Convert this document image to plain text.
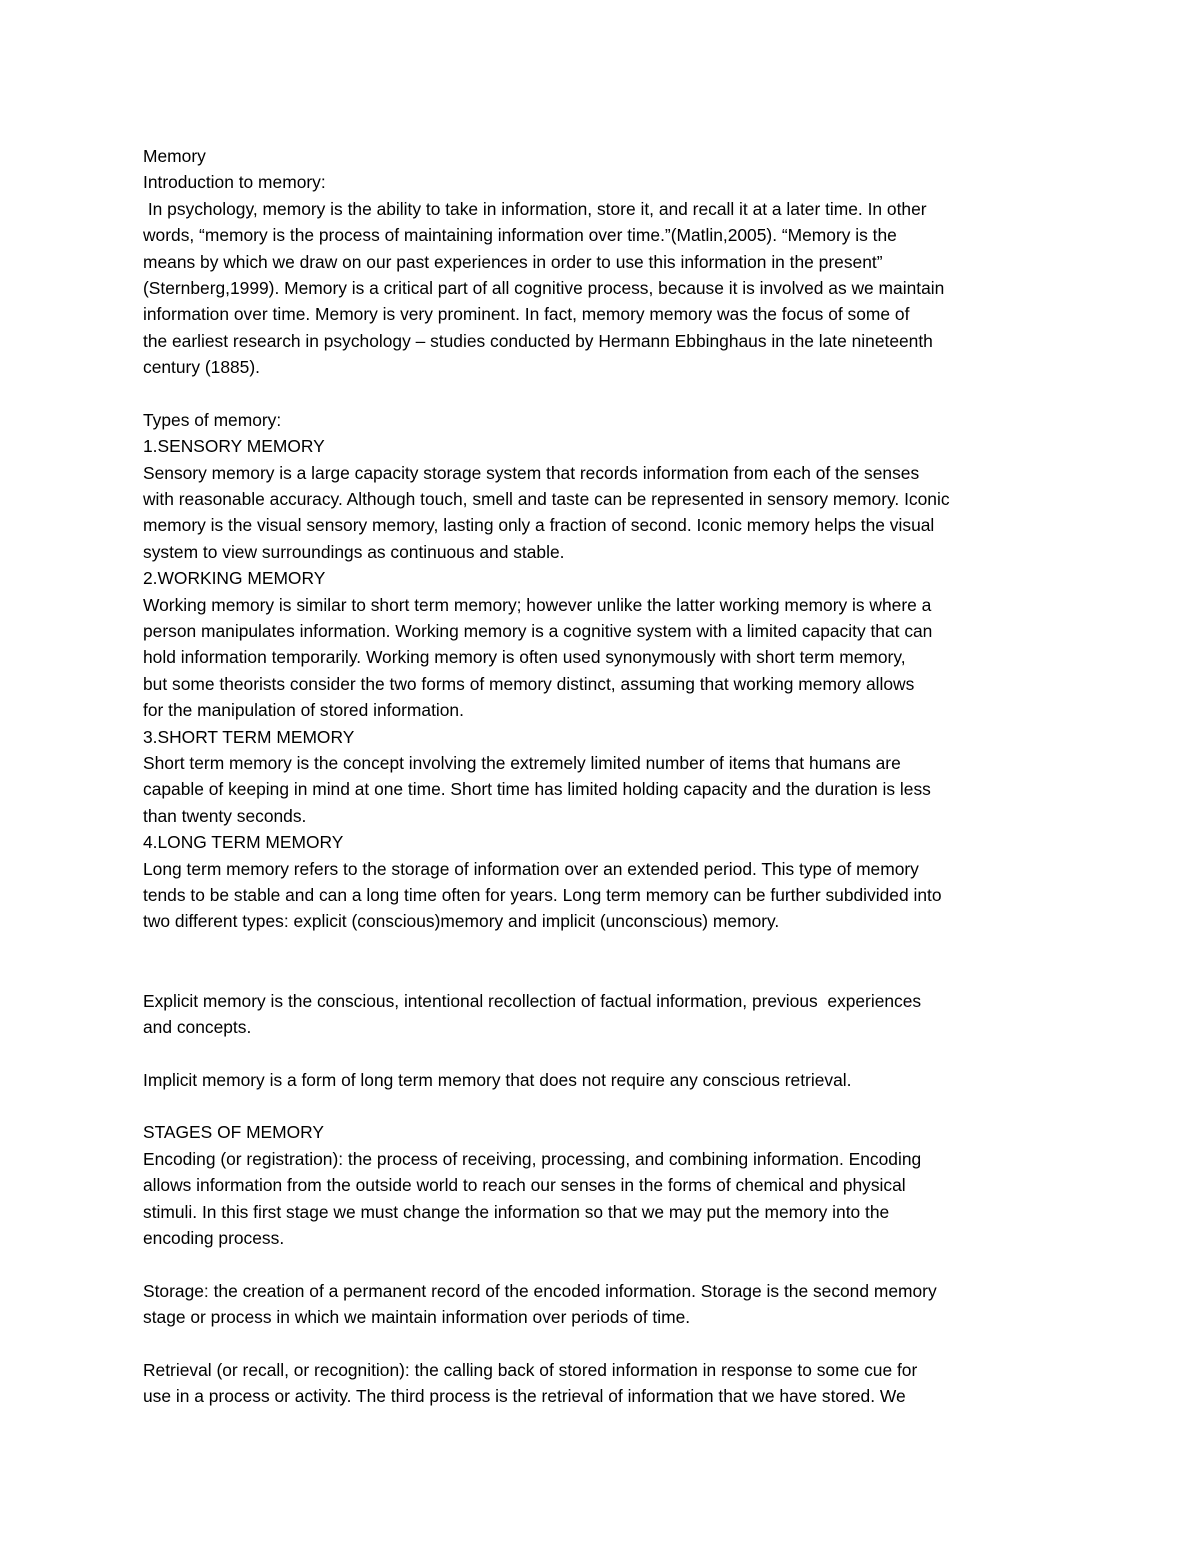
Memory
Introduction to memory:
In psychology, memory is the ability to take in information, store it, and recall it at a later time. In other
words, “memory is the process of maintaining information over time.”(Matlin,2005). “Memory is the
means by which we draw on our past experiences in order to use this information in the present”
(Sternberg,1999). Memory is a critical part of all cognitive process, because it is involved as we maintain
information over time. Memory is very prominent. In fact, memory memory was the focus of some of
the earliest research in psychology – studies conducted by Hermann Ebbinghaus in the late nineteenth
century (1885).
Types of memory:
1.SENSORY MEMORY
Sensory memory is a large capacity storage system that records information from each of the senses
with reasonable accuracy. Although touch, smell and taste can be represented in sensory memory. Iconic
memory is the visual sensory memory, lasting only a fraction of second. Iconic memory helps the visual
system to view surroundings as continuous and stable.
2.WORKING MEMORY
Working memory is similar to short term memory; however unlike the latter working memory is where a
person manipulates information. Working memory is a cognitive system with a limited capacity that can
hold information temporarily. Working memory is often used synonymously with short term memory,
but some theorists consider the two forms of memory distinct, assuming that working memory allows
for the manipulation of stored information.
3.SHORT TERM MEMORY
Short term memory is the concept involving the extremely limited number of items that humans are
capable of keeping in mind at one time. Short time has limited holding capacity and the duration is less
than twenty seconds.
4.LONG TERM MEMORY
Long term memory refers to the storage of information over an extended period. This type of memory
tends to be stable and can a long time often for years. Long term memory can be further subdivided into
two different types: explicit (conscious)memory and implicit (unconscious) memory.
Explicit memory is the conscious, intentional recollection of factual information, previous  experiences
and concepts.
Implicit memory is a form of long term memory that does not require any conscious retrieval.
STAGES OF MEMORY
Encoding (or registration): the process of receiving, processing, and combining information. Encoding
allows information from the outside world to reach our senses in the forms of chemical and physical
stimuli. In this first stage we must change the information so that we may put the memory into the
encoding process.
Storage: the creation of a permanent record of the encoded information. Storage is the second memory
stage or process in which we maintain information over periods of time.
Retrieval (or recall, or recognition): the calling back of stored information in response to some cue for
use in a process or activity. The third process is the retrieval of information that we have stored. We
